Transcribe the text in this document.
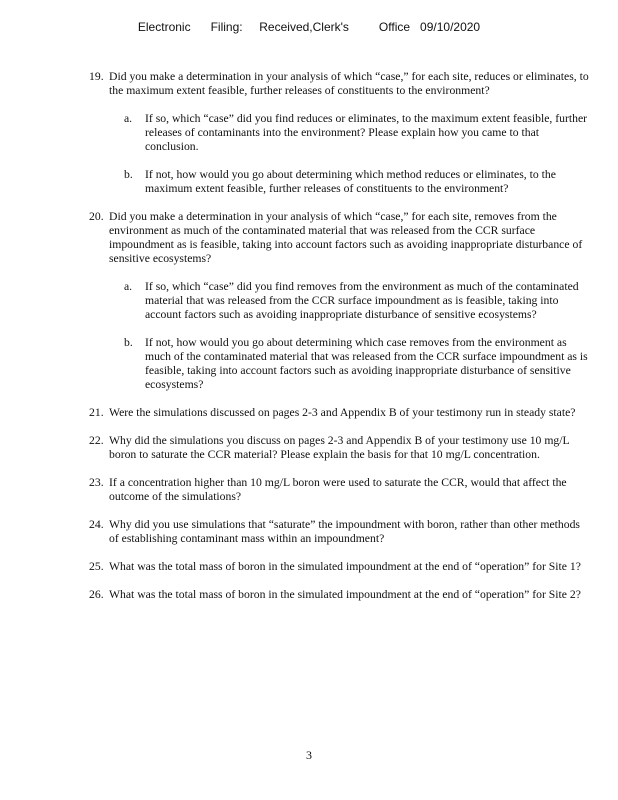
Electronic      Filing:     Received,Clerk's         Office   09/10/2020
19. Did you make a determination in your analysis of which “case,” for each site, reduces or eliminates, to the maximum extent feasible, further releases of constituents to the environment?
a.	If so, which “case” did you find reduces or eliminates, to the maximum extent feasible, further releases of contaminants into the environment? Please explain how you came to that conclusion.
b.	If not, how would you go about determining which method reduces or eliminates, to the maximum extent feasible, further releases of constituents to the environment?
20. Did you make a determination in your analysis of which “case,” for each site, removes from the environment as much of the contaminated material that was released from the CCR surface impoundment as is feasible, taking into account factors such as avoiding inappropriate disturbance of sensitive ecosystems?
a.	If so, which “case” did you find removes from the environment as much of the contaminated material that was released from the CCR surface impoundment as is feasible, taking into account factors such as avoiding inappropriate disturbance of sensitive ecosystems?
b.	If not, how would you go about determining which case removes from the environment as much of the contaminated material that was released from the CCR surface impoundment as is feasible, taking into account factors such as avoiding inappropriate disturbance of sensitive ecosystems?
21. Were the simulations discussed on pages 2-3 and Appendix B of your testimony run in steady state?
22. Why did the simulations you discuss on pages 2-3 and Appendix B of your testimony use 10 mg/L boron to saturate the CCR material? Please explain the basis for that 10 mg/L concentration.
23. If a concentration higher than 10 mg/L boron were used to saturate the CCR, would that affect the outcome of the simulations?
24. Why did you use simulations that “saturate” the impoundment with boron, rather than other methods of establishing contaminant mass within an impoundment?
25. What was the total mass of boron in the simulated impoundment at the end of “operation” for Site 1?
26. What was the total mass of boron in the simulated impoundment at the end of “operation” for Site 2?
3
